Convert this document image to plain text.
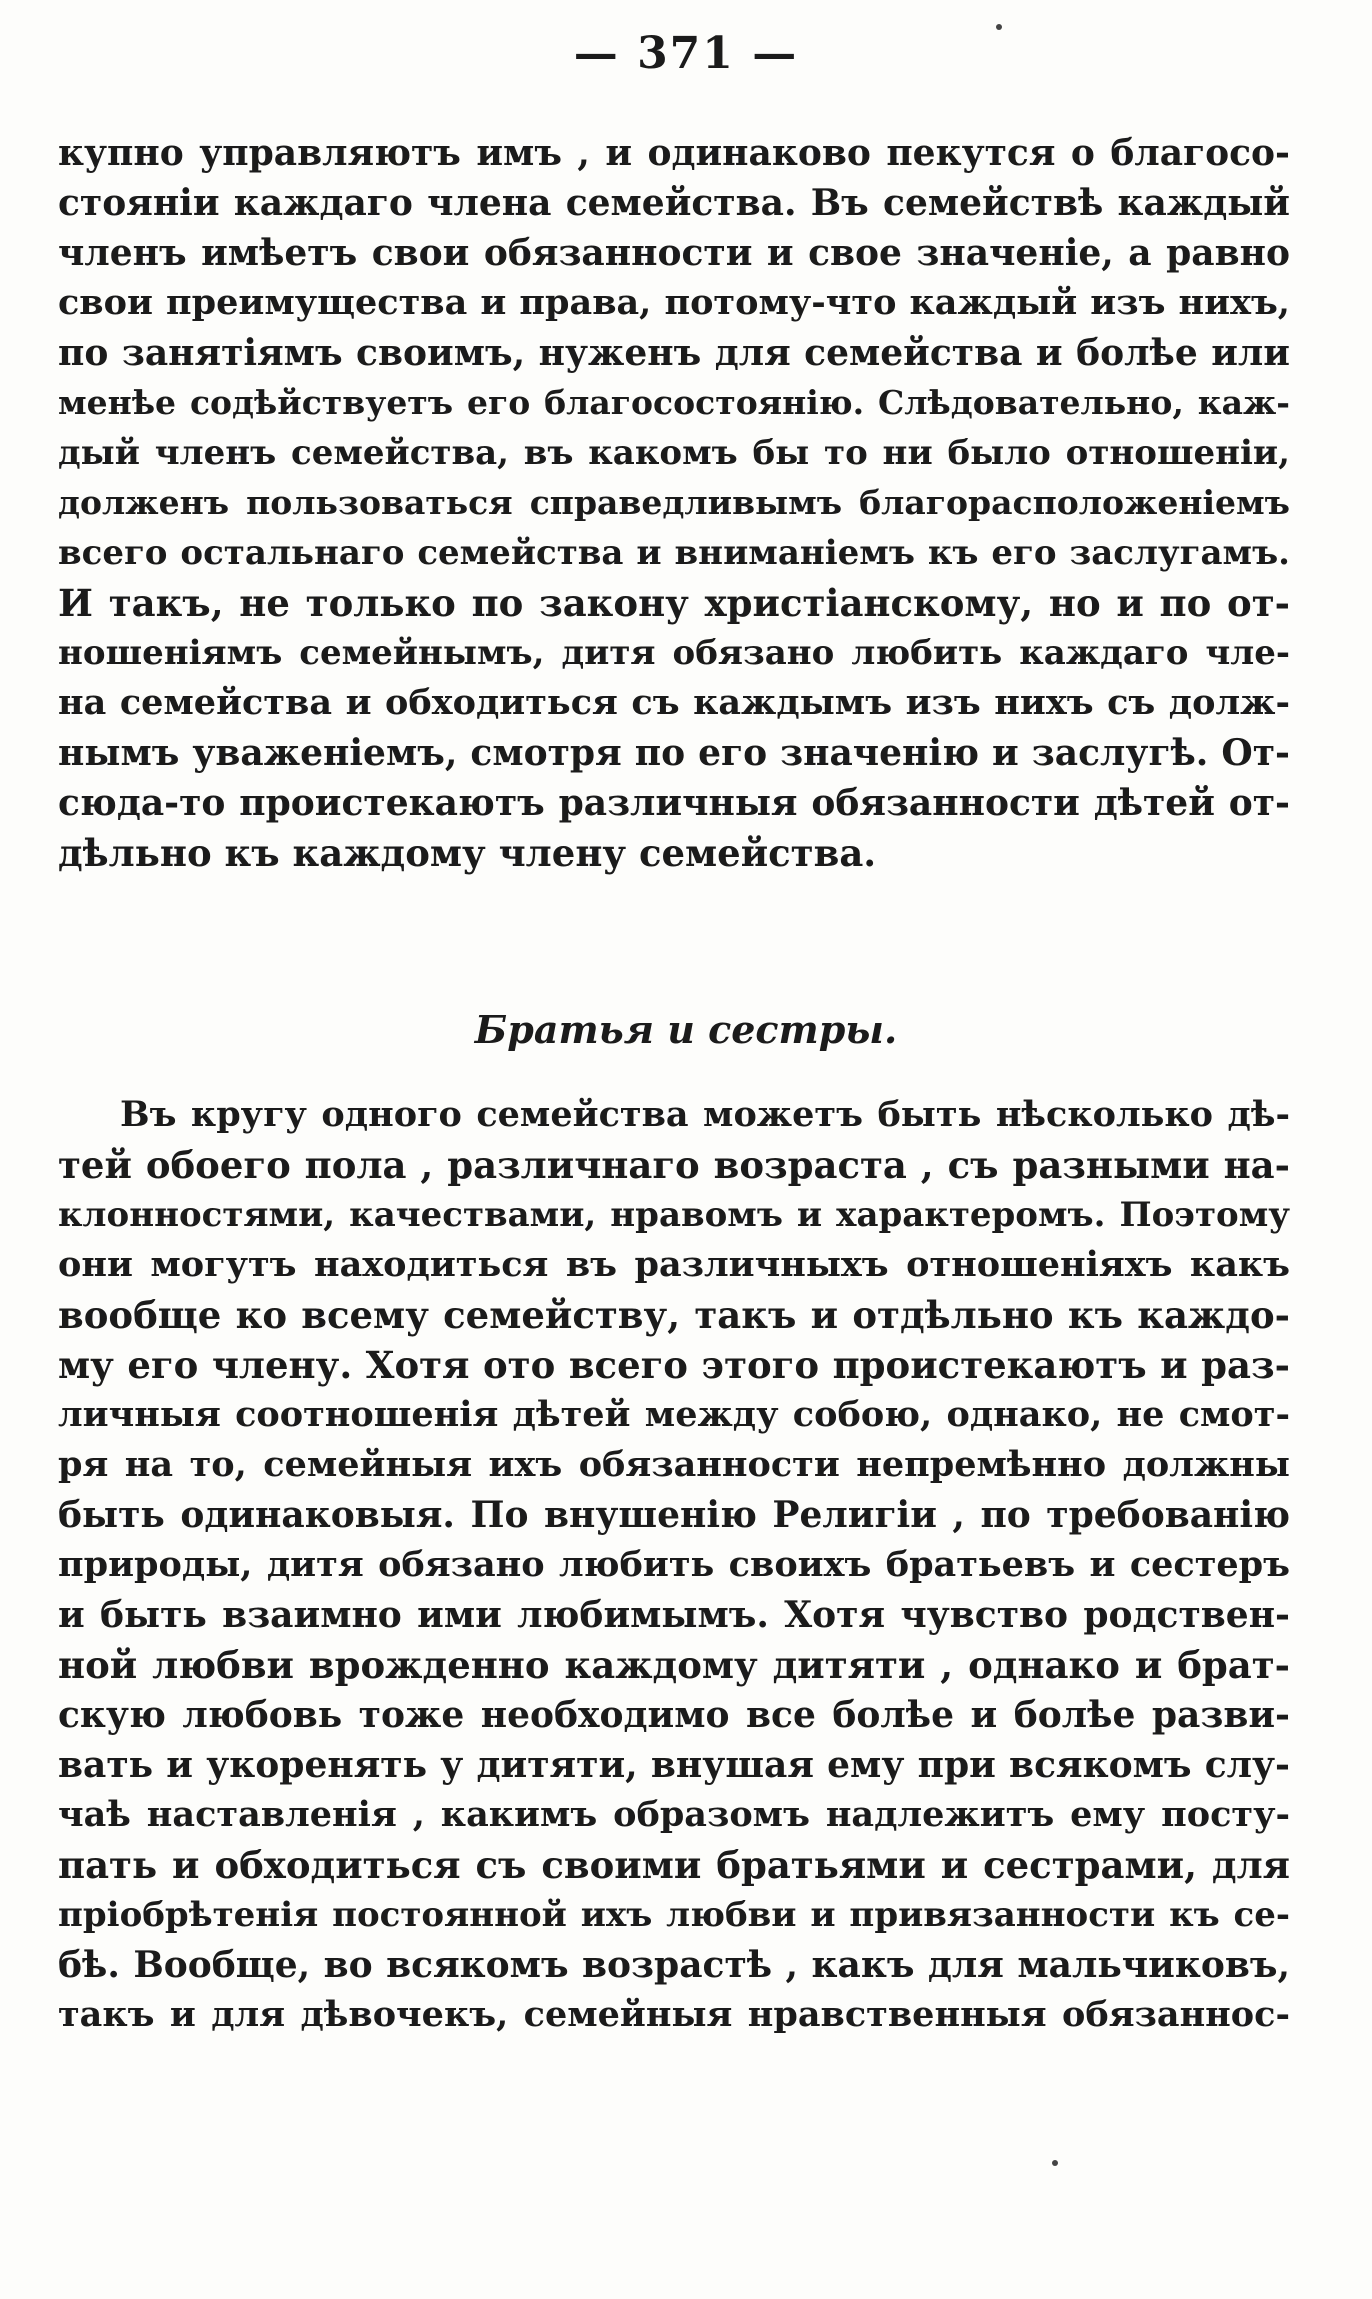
— 371 —
купно управляютъ имъ , и одинаково пекутся о благосо-
стояніи каждаго члена семейства. Въ семействѣ каждый
членъ имѣетъ свои обязанности и свое значеніе, а равно
свои преимущества и права, потому-что каждый изъ нихъ,
по занятіямъ своимъ, нуженъ для семейства и болѣе или
менѣе содѣйствуетъ его благосостоянію. Слѣдовательно, каж-
дый членъ семейства, въ какомъ бы то ни было отношеніи,
долженъ пользоваться справедливымъ благорасположеніемъ
всего остальнаго семейства и вниманіемъ къ его заслугамъ.
И такъ, не только по закону христіанскому, но и по от-
ношеніямъ семейнымъ, дитя обязано любить каждаго чле-
на семейства и обходиться съ каждымъ изъ нихъ съ долж-
нымъ уваженіемъ, смотря по его значенію и заслугѣ. От-
сюда-то проистекаютъ различныя обязанности дѣтей от-
дѣльно къ каждому члену семейства.
Братья и сестры.
Въ кругу одного семейства можетъ быть нѣсколько дѣ-
тей обоего пола , различнаго возраста , съ разными на-
клонностями, качествами, нравомъ и характеромъ. Поэтому
они могутъ находиться въ различныхъ отношеніяхъ какъ
вообще ко всему семейству, такъ и отдѣльно къ каждо-
му его члену. Хотя ото всего этого проистекаютъ и раз-
личныя соотношенія дѣтей между собою, однако, не смот-
ря на то, семейныя ихъ обязанности непремѣнно должны
быть одинаковыя. По внушенію Религіи , по требованію
природы, дитя обязано любить своихъ братьевъ и сестеръ
и быть взаимно ими любимымъ. Хотя чувство родствен-
ной любви врожденно каждому дитяти , однако и брат-
скую любовь тоже необходимо все болѣе и болѣе разви-
вать и укоренять у дитяти, внушая ему при всякомъ слу-
чаѣ наставленія , какимъ образомъ надлежитъ ему посту-
пать и обходиться съ своими братьями и сестрами, для
пріобрѣтенія постоянной ихъ любви и привязанности къ се-
бѣ. Вообще, во всякомъ возрастѣ , какъ для мальчиковъ,
такъ и для дѣвочекъ, семейныя нравственныя обязаннос-
